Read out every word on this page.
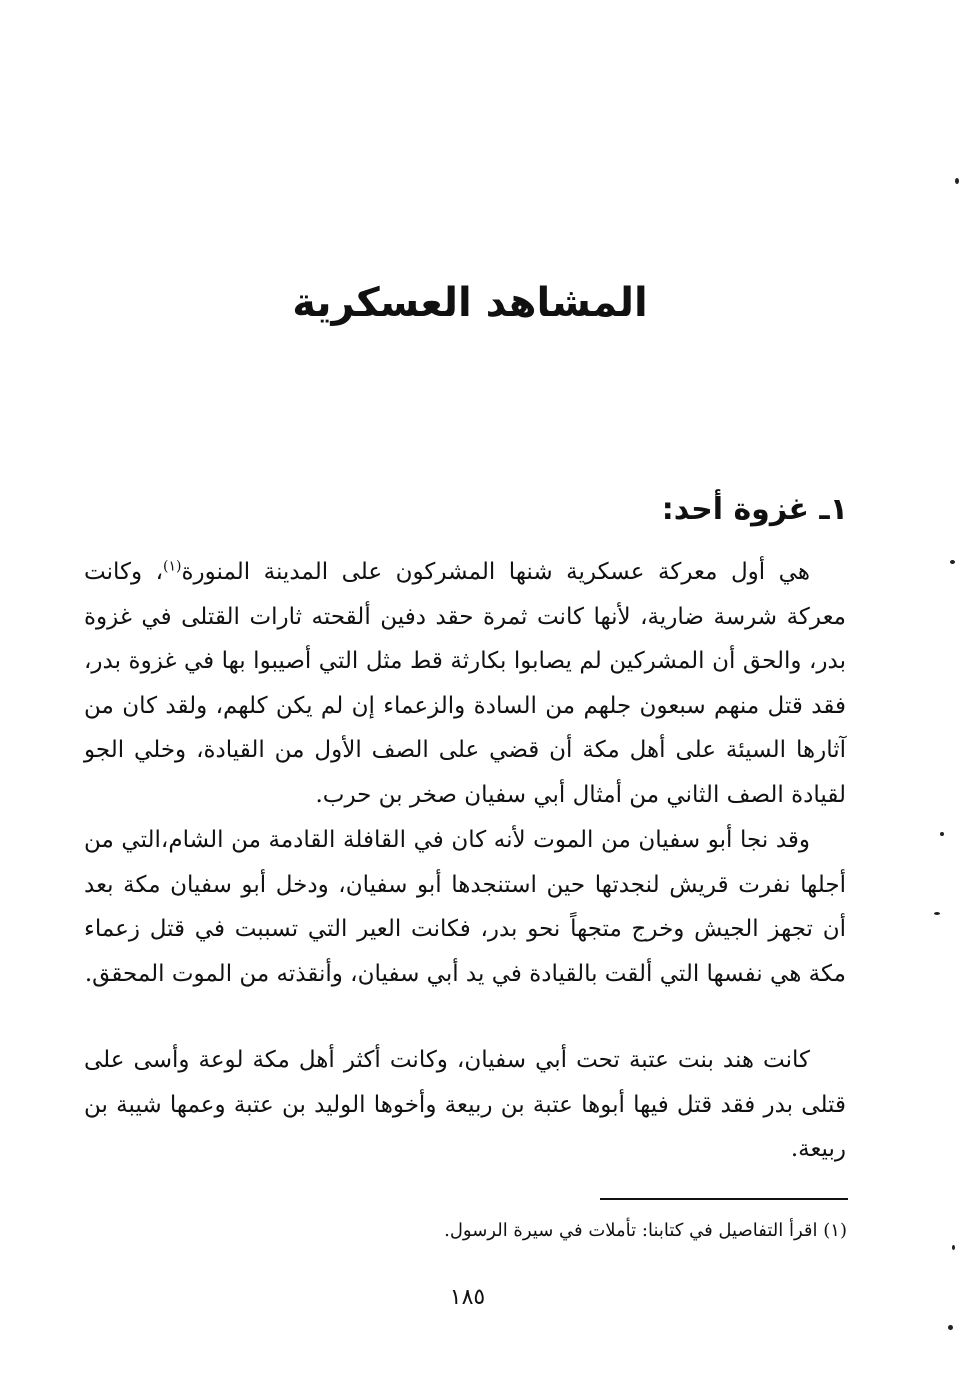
المشاهد العسكرية
١ـ غزوة أحد:

هي أول معركة عسكرية شنها المشركون على المدينة المنورة$^{(١)}$، وكانت معركة شرسة ضارية، لأنها كانت ثمرة حقد دفين ألقحته ثارات القتلى في غزوة بدر، والحق أن المشركين لم يصابوا بكارثة قط مثل التي أصيبوا بها في غزوة بدر، فقد قتل منهم سبعون جلهم من السادة والزعماء إن لم يكن كلهم، ولقد كان من آثارها السيئة على أهل مكة أن قضي على الصف الأول من القيادة، وخلي الجو لقيادة الصف الثاني من أمثال أبي سفيان صخر بن حرب.

وقد نجا أبو سفيان من الموت لأنه كان في القافلة القادمة من الشام،التي من أجلها نفرت قريش لنجدتها حين استنجدها أبو سفيان، ودخل أبو سفيان مكة بعد أن تجهز الجيش وخرج متجهاً نحو بدر، فكانت العير التي تسببت في قتل زعماء مكة هي نفسها التي ألقت بالقيادة في يد أبي سفيان، وأنقذته من الموت المحقق.

كانت هند بنت عتبة تحت أبي سفيان، وكانت أكثر أهل مكة لوعة وأسى على قتلى بدر فقد قتل فيها أبوها عتبة بن ربيعة وأخوها الوليد بن عتبة وعمها شيبة بن ربيعة.

(١) اقرأ التفاصيل في كتابنا: تأملات في سيرة الرسول.
١٨٥
